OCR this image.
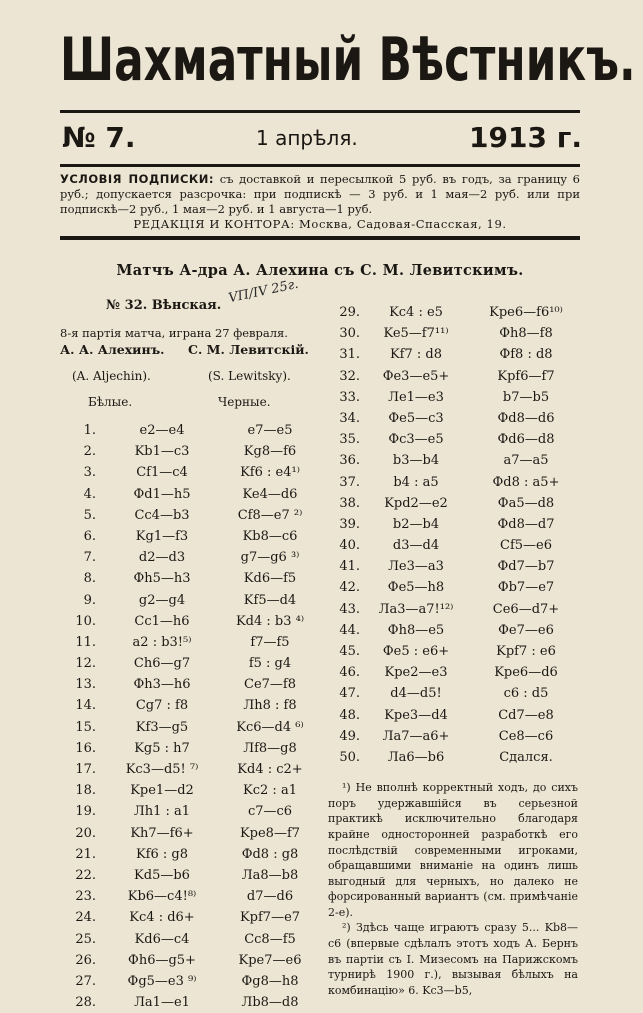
Шахматный Вѣстникъ.
№ 7.	1 апрѣля.	1913 г.
УСЛОВІЯ ПОДПИСКИ: съ доставкой и пересылкой 5 руб. въ годъ, за границу 6 руб.; допускается разсрочка: при подпискѣ — 3 руб. и 1 мая—2 руб. или при подпискѣ—2 руб., 1 мая—2 руб. и 1 августа—1 руб.
РЕДАКЦІЯ И КОНТОРА: Москва, Садовая-Спасская, 19.
Матчъ А-дра А. Алехина съ С. М. Левитскимъ.
№ 32. Вѣнская. VП/IV 25г.
8-я партія матча, играна 27 февраля.
А. А. Алехинъ. С. М. Левитскій.
(A. Aljechin).	(S. Lewitsky).
Бѣлые.	Черные.
1.	e2—e4	e7—e5
2.	Kb1—c3	Kg8—f6
3.	Cf1—c4	Kf6 : e4¹⁾
4.	Фd1—h5	Ke4—d6
5.	Cc4—b3	Cf8—e7 ²⁾
6.	Kg1—f3	Kb8—c6
7.	d2—d3	g7—g6 ³⁾
8.	Фh5—h3	Kd6—f5
9.	g2—g4	Kf5—d4
10.	Cc1—h6	Kd4 : b3 ⁴⁾
11.	a2 : b3!⁵⁾	f7—f5
12.	Ch6—g7	f5 : g4
13.	Фh3—h6	Ce7—f8
14.	Cg7 : f8	Лh8 : f8
15.	Kf3—g5	Kc6—d4 ⁶⁾
16.	Kg5 : h7	Лf8—g8
17.	Kc3—d5! ⁷⁾	Kd4 : c2+
18.	Kpe1—d2	Kc2 : a1
19.	Лh1 : a1	c7—c6
20.	Kh7—f6+	Kpe8—f7
21.	Kf6 : g8	Фd8 : g8
22.	Kd5—b6	Лa8—b8
23.	Kb6—c4!⁸⁾	d7—d6
24.	Kc4 : d6+	Kpf7—e7
25.	Kd6—c4	Cc8—f5
26.	Фh6—g5+	Kpe7—e6
27.	Фg5—e3 ⁹⁾	Фg8—h8
28.	Лa1—e1	Лb8—d8
29.	Kc4 : e5	Kpe6—f6¹⁰⁾
30.	Ke5—f7¹¹⁾	Фh8—f8
31.	Kf7 : d8	Фf8 : d8
32.	Фe3—e5+	Kpf6—f7
33.	Лe1—e3	b7—b5
34.	Фe5—c3	Фd8—d6
35.	Фc3—e5	Фd6—d8
36.	b3—b4	a7—a5
37.	b4 : a5	Фd8 : a5+
38.	Kpd2—e2	Фa5—d8
39.	b2—b4	Фd8—d7
40.	d3—d4	Cf5—e6
41.	Лe3—a3	Фd7—b7
42.	Фe5—h8	Фb7—e7
43.	Лa3—a7!¹²⁾	Ce6—d7+
44.	Фh8—e5	Фe7—e6
45.	Фe5 : e6+	Kpf7 : e6
46.	Kpe2—e3	Kpe6—d6
47.	d4—d5!	c6 : d5
48.	Kpe3—d4	Cd7—e8
49.	Лa7—a6+	Ce8—c6
50.	Лa6—b6	Сдался.

¹) Не вполнѣ корректный ходъ, до сихъ поръ удержавшійся въ серьезной практикѣ исключительно благодаря крайне односторонней разработкѣ его послѣдствій современными игроками, обращавшими вниманіе на одинъ лишь выгодный для черныхъ, но далеко не форсированный вариантъ (см. примѣчаніе 2-е).

²) Здѣсь чаще играютъ сразу 5... Kb8—c6 (впервые сдѣлалъ этотъ ходъ А. Бернъ въ партіи съ I. Мизесомъ на Парижскомъ турнирѣ 1900 г.), вызывая бѣлыхъ на комбинацію» 6. Kc3—b5,
